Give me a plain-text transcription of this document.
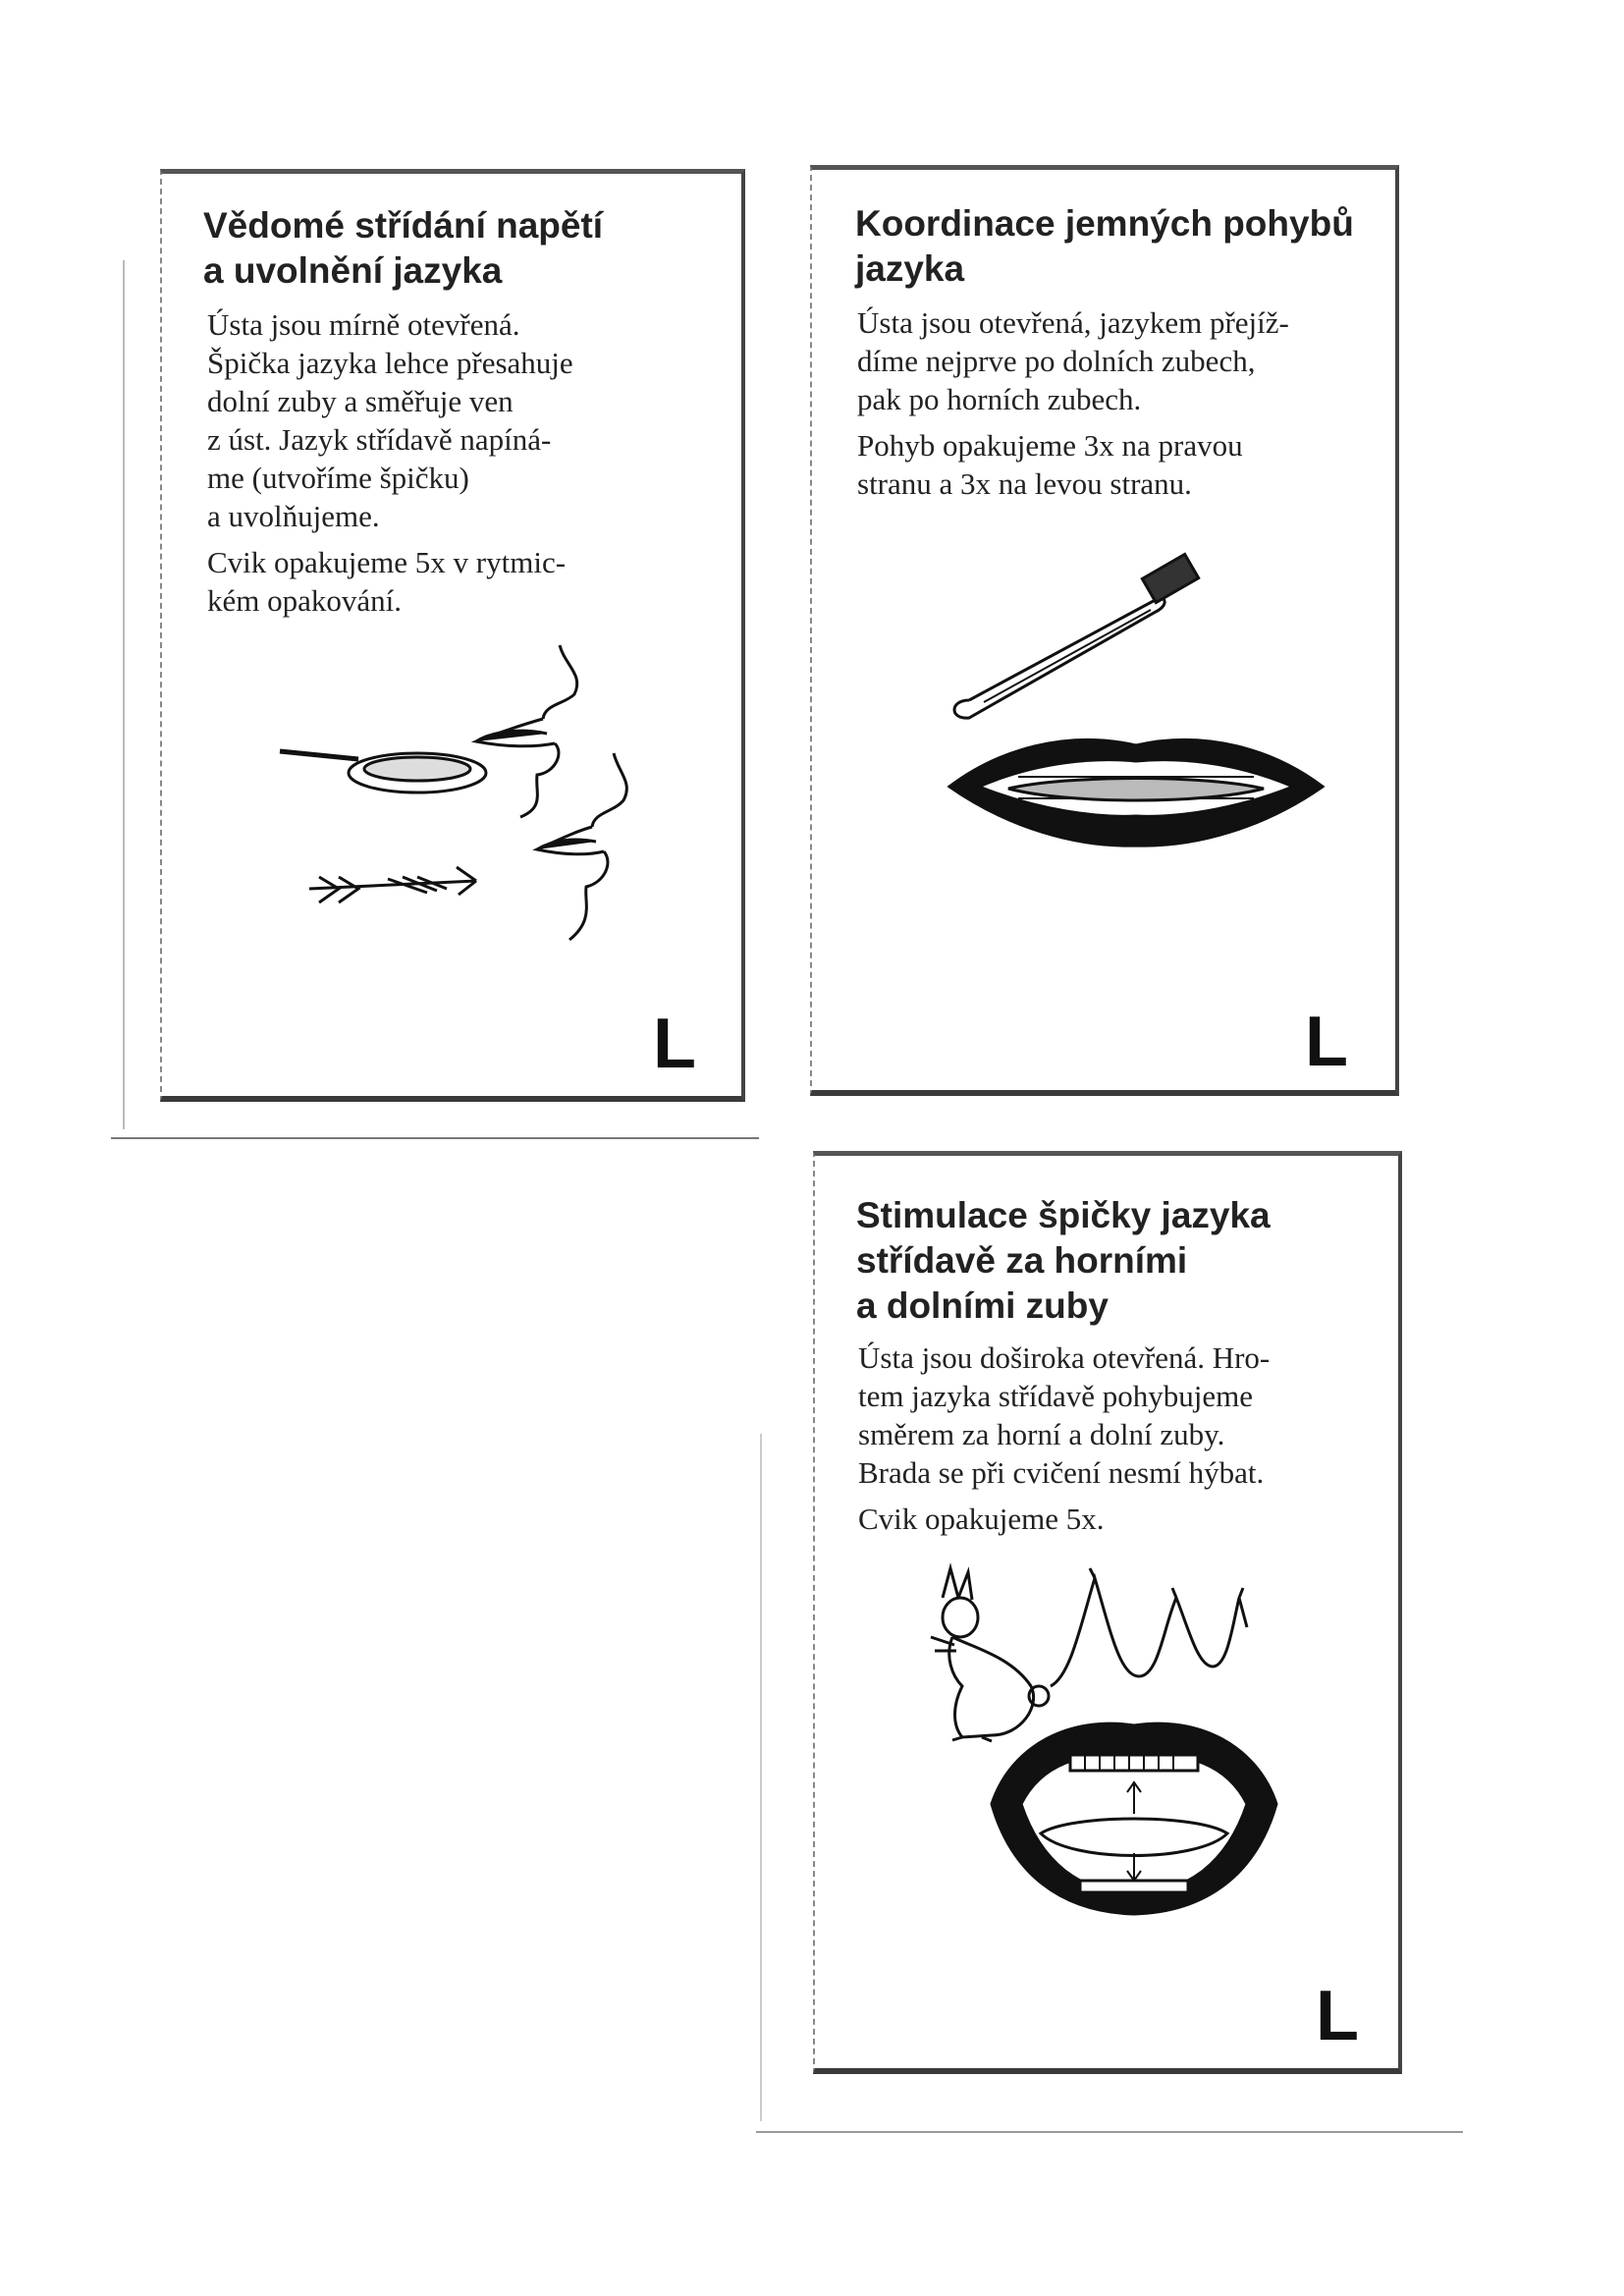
Vědomé střídání napětí
a uvolnění jazyka
Ústa jsou mírně otevřená.
Špička jazyka lehce přesahuje
dolní zuby a směřuje ven
z úst. Jazyk střídavě napíná-
me (utvoříme špičku)
a uvolňujeme.

Cvik opakujeme 5x v rytmic-
kém opakování.
L
Koordinace jemných pohybů
jazyka
Ústa jsou otevřená, jazykem přejíž-
díme nejprve po dolních zubech,
pak po horních zubech.

Pohyb opakujeme 3x na pravou
stranu a 3x na levou stranu.
L
Stimulace špičky jazyka
střídavě za horními
a dolními zuby
Ústa jsou doširoka otevřená. Hro-
tem jazyka střídavě pohybujeme
směrem za horní a dolní zuby.
Brada se při cvičení nesmí hýbat.

Cvik opakujeme 5x.
L
